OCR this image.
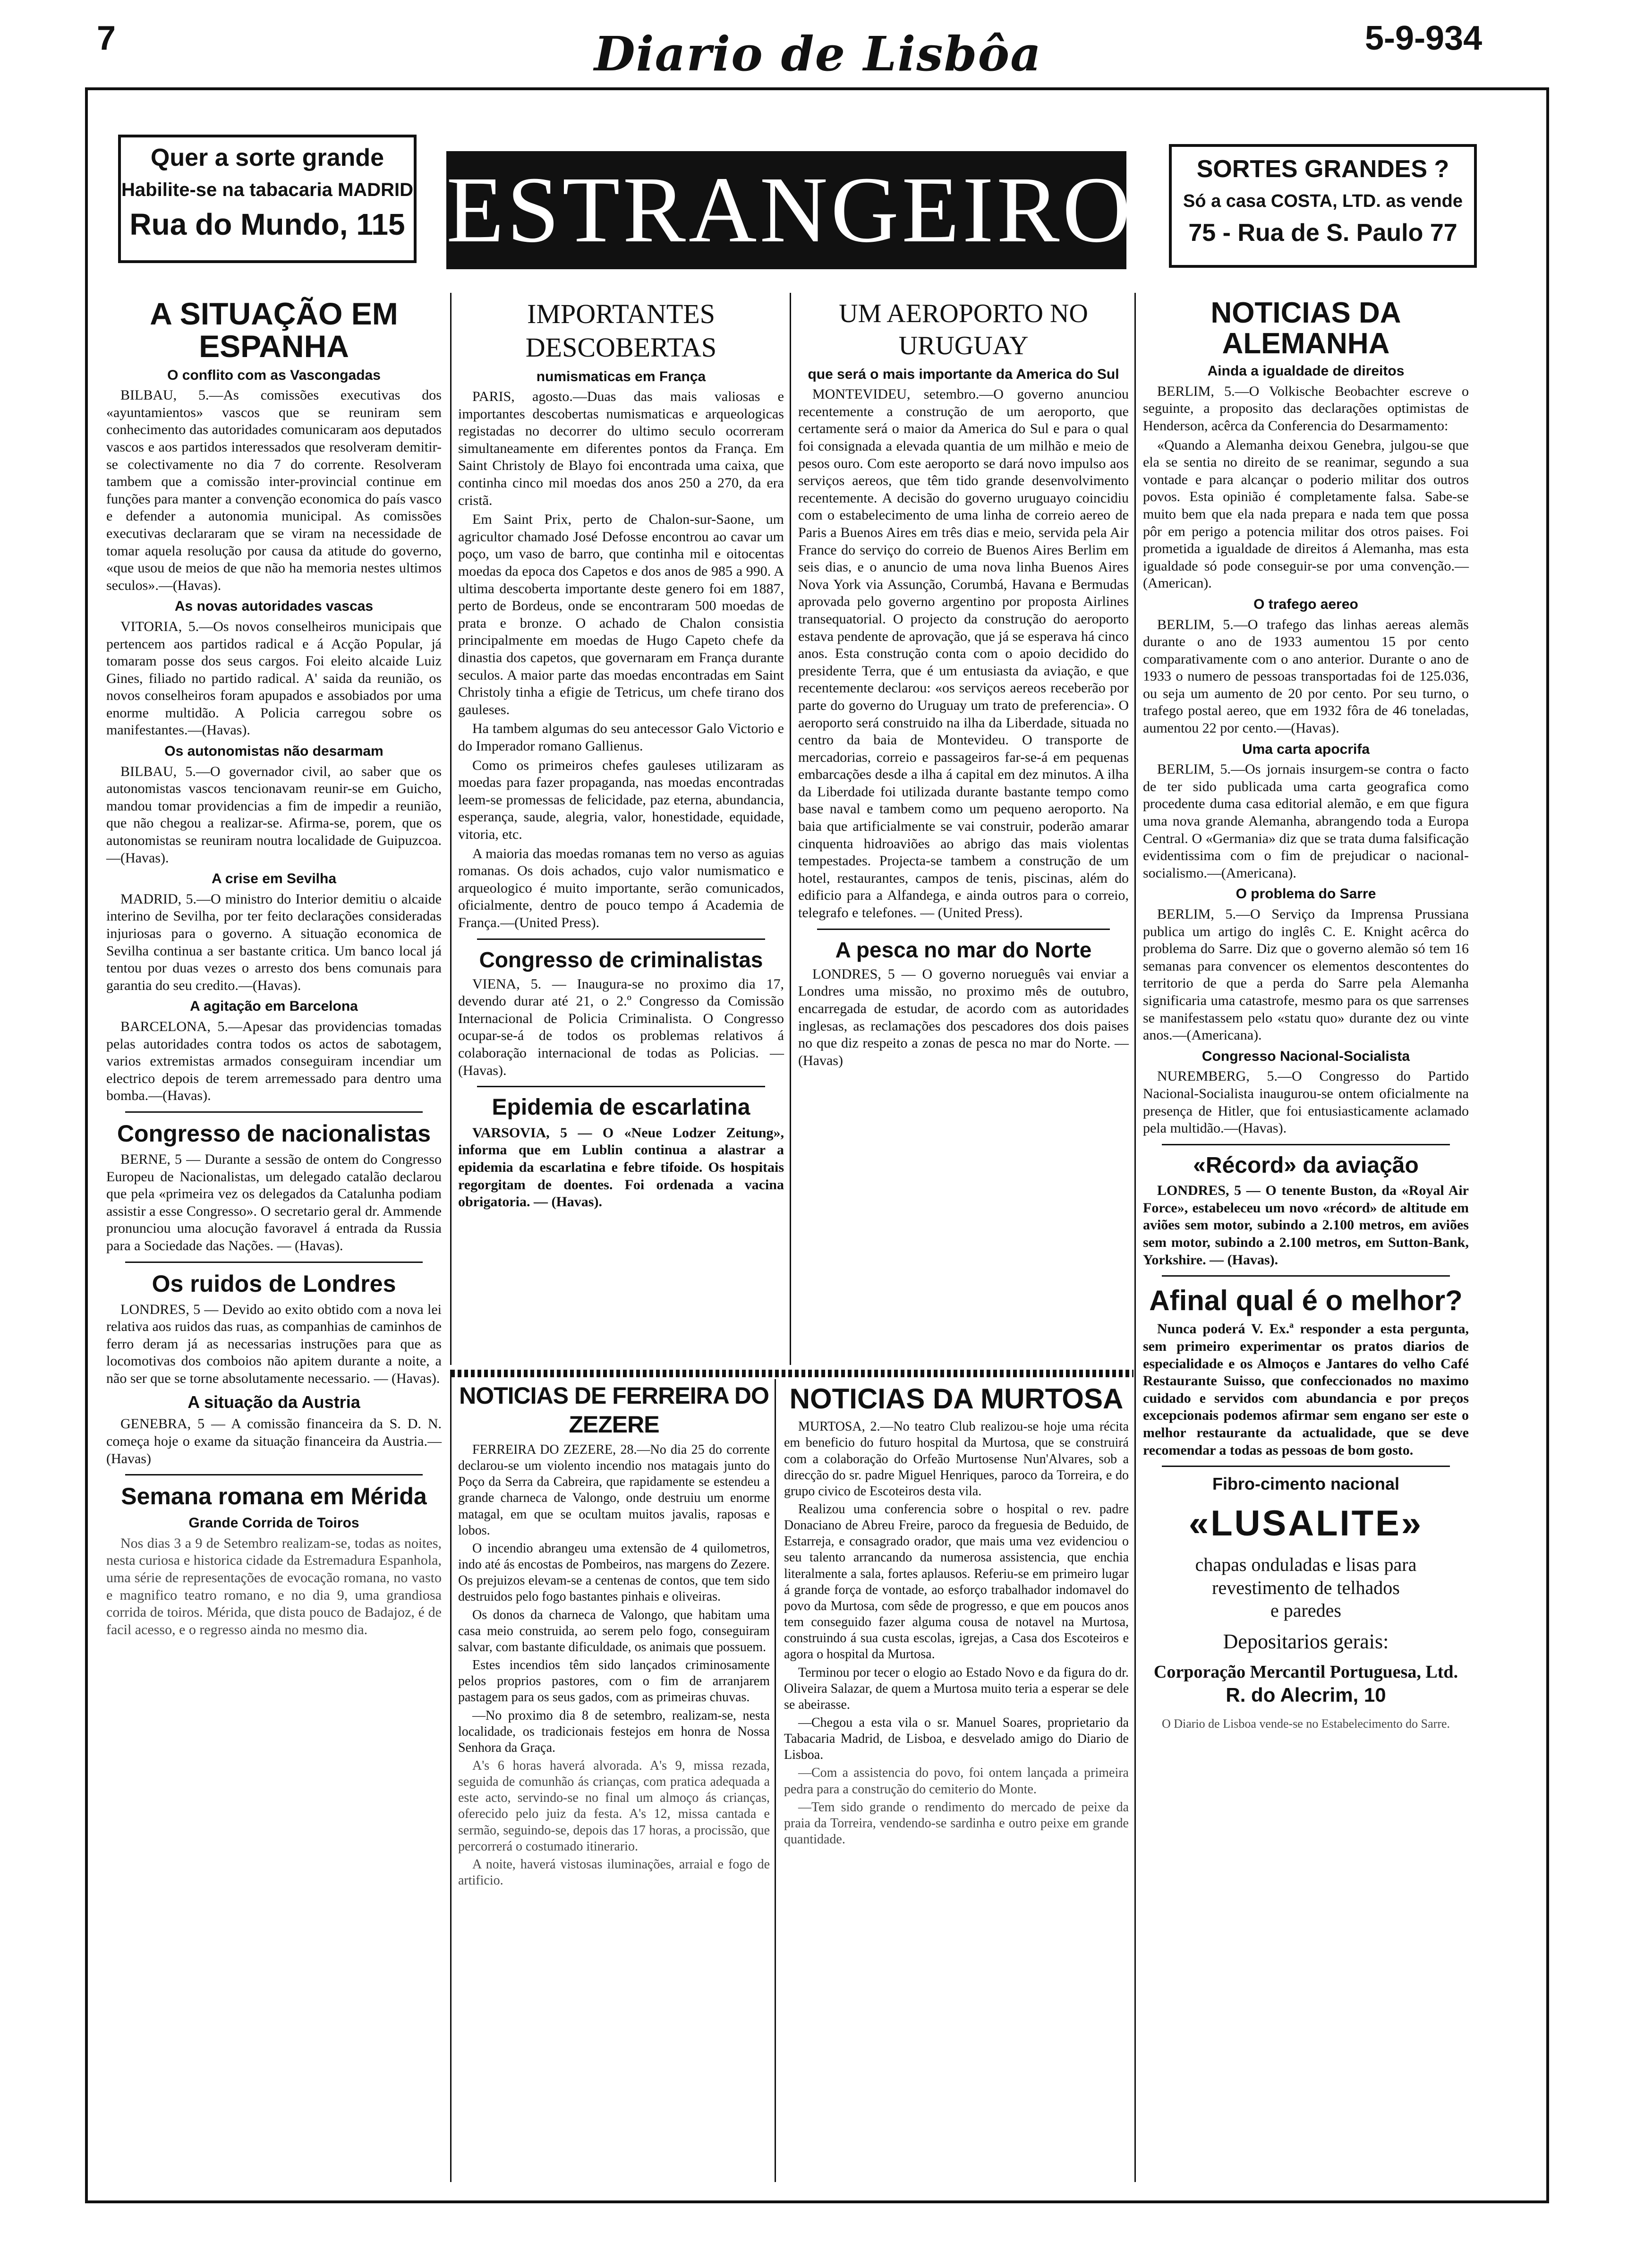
7	Diario de Lisbôa	5-9-934
Quer a sorte grande
Habilite-se na tabacaria MADRID
Rua do Mundo, 115 ESTRANGEIRO	SORTES GRANDES ?
Só a casa COSTA, LTD. as vende
75 - Rua de S. Paulo 77
A SITUAÇÃO EM ESPANHA
O conflito com as Vascongadas

BILBAU, 5.—As comissões executivas dos «ayuntamientos» vascos que se reuniram sem conhecimento das autoridades comunicaram aos deputados vascos e aos partidos interessados que resolveram demitir-se colectivamente no dia 7 do corrente. Resolveram tambem que a comissão inter-provincial continue em funções para manter a convenção economica do país vasco e defender a autonomia municipal. As comissões executivas declararam que se viram na necessidade de tomar aquela resolução por causa da atitude do governo, «que usou de meios de que não ha memoria nestes ultimos seculos».—(Havas).

As novas autoridades vascas

VITORIA, 5.—Os novos conselheiros municipais que pertencem aos partidos radical e á Acção Popular, já tomaram posse dos seus cargos. Foi eleito alcaide Luiz Gines, filiado no partido radical. A' saida da reunião, os novos conselheiros foram apupados e assobiados por uma enorme multidão. A Policia carregou sobre os manifestantes.—(Havas).

Os autonomistas não desarmam

BILBAU, 5.—O governador civil, ao saber que os autonomistas vascos tencionavam reunir-se em Guicho, mandou tomar providencias a fim de impedir a reunião, que não chegou a realizar-se. Afirma-se, porem, que os autonomistas se reuniram noutra localidade de Guipuzcoa.—(Havas).

A crise em Sevilha

MADRID, 5.—O ministro do Interior demitiu o alcaide interino de Sevilha, por ter feito declarações consideradas injuriosas para o governo. A situação economica de Sevilha continua a ser bastante critica. Um banco local já tentou por duas vezes o arresto dos bens comunais para garantia do seu credito.—(Havas).

A agitação em Barcelona

BARCELONA, 5.—Apesar das providencias tomadas pelas autoridades contra todos os actos de sabotagem, varios extremistas armados conseguiram incendiar um electrico depois de terem arremessado para dentro uma bomba.—(Havas).

Congresso de nacionalistas

BERNE, 5 — Durante a sessão de ontem do Congresso Europeu de Nacionalistas, um delegado catalão declarou que pela «primeira vez os delegados da Catalunha podiam assistir a esse Congresso». O secretario geral dr. Ammende pronunciou uma alocução favoravel á entrada da Russia para a Sociedade das Nações. — (Havas).

Os ruidos de Londres

LONDRES, 5 — Devido ao exito obtido com a nova lei relativa aos ruidos das ruas, as companhias de caminhos de ferro deram já as necessarias instruções para que as locomotivas dos comboios não apitem durante a noite, a não ser que se torne absolutamente necessario. — (Havas).

A situação da Austria

GENEBRA, 5 — A comissão financeira da S. D. N. começa hoje o exame da situação financeira da Austria.—(Havas)

Semana romana em Mérida
Grande Corrida de Toiros

Nos dias 3 a 9 de Setembro realizam-se, todas as noites, nesta curiosa e historica cidade da Estremadura Espanhola, uma série de representações de evocação romana, no vasto e magnifico teatro romano, e no dia 9, uma grandiosa corrida de toiros. Mérida, que dista pouco de Badajoz, é de facil acesso, e o regresso ainda no mesmo dia.

IMPORTANTES DESCOBERTAS
numismaticas em França

PARIS, agosto.—Duas das mais valiosas e importantes descobertas numismaticas e arqueologicas registadas no decorrer do ultimo seculo ocorreram simultaneamente em diferentes pontos da França. Em Saint Christoly de Blayo foi encontrada uma caixa, que continha cinco mil moedas dos anos 250 a 270, da era cristã.

Em Saint Prix, perto de Chalon-sur-Saone, um agricultor chamado José Defosse encontrou ao cavar um poço, um vaso de barro, que continha mil e oitocentas moedas da epoca dos Capetos e dos anos de 985 a 990. A ultima descoberta importante deste genero foi em 1887, perto de Bordeus, onde se encontraram 500 moedas de prata e bronze. O achado de Chalon consistia principalmente em moedas de Hugo Capeto chefe da dinastia dos capetos, que governaram em França durante seculos. A maior parte das moedas encontradas em Saint Christoly tinha a efigie de Tetricus, um chefe tirano dos gauleses.

Ha tambem algumas do seu antecessor Galo Victorio e do Imperador romano Gallienus.

Como os primeiros chefes gauleses utilizaram as moedas para fazer propaganda, nas moedas encontradas leem-se promessas de felicidade, paz eterna, abundancia, esperança, saude, alegria, valor, honestidade, equidade, vitoria, etc.

A maioria das moedas romanas tem no verso as aguias romanas. Os dois achados, cujo valor numismatico e arqueologico é muito importante, serão comunicados, oficialmente, dentro de pouco tempo á Academia de França.—(United Press).

Congresso de criminalistas

VIENA, 5. — Inaugura-se no proximo dia 17, devendo durar até 21, o 2.º Congresso da Comissão Internacional de Policia Criminalista. O Congresso ocupar-se-á de todos os problemas relativos á colaboração internacional de todas as Policias. — (Havas).

Epidemia de escarlatina

VARSOVIA, 5 — O «Neue Lodzer Zeitung», informa que em Lublin continua a alastrar a epidemia da escarlatina e febre tifoide. Os hospitais regorgitam de doentes. Foi ordenada a vacina obrigatoria. — (Havas).

UM AEROPORTO NO URUGUAY
que será o mais importante da America do Sul

MONTEVIDEU, setembro.—O governo anunciou recentemente a construção de um aeroporto, que certamente será o maior da America do Sul e para o qual foi consignada a elevada quantia de um milhão e meio de pesos ouro. Com este aeroporto se dará novo impulso aos serviços aereos, que têm tido grande desenvolvimento recentemente. A decisão do governo uruguayo coincidiu com o estabelecimento de uma linha de correio aereo de Paris a Buenos Aires em três dias e meio, servida pela Air France do serviço do correio de Buenos Aires Berlim em seis dias, e o anuncio de uma nova linha Buenos Aires Nova York via Assunção, Corumbá, Havana e Bermudas aprovada pelo governo argentino por proposta Airlines transequatorial. O projecto da construção do aeroporto estava pendente de aprovação, que já se esperava há cinco anos. Esta construção conta com o apoio decidido do presidente Terra, que é um entusiasta da aviação, e que recentemente declarou: «os serviços aereos receberão por parte do governo do Uruguay um trato de preferencia». O aeroporto será construido na ilha da Liberdade, situada no centro da baia de Montevideu. O transporte de mercadorias, correio e passageiros far-se-á em pequenas embarcações desde a ilha á capital em dez minutos. A ilha da Liberdade foi utilizada durante bastante tempo como base naval e tambem como um pequeno aeroporto. Na baia que artificialmente se vai construir, poderão amarar cinquenta hidroaviões ao abrigo das mais violentas tempestades. Projecta-se tambem a construção de um hotel, restaurantes, campos de tenis, piscinas, além do edificio para a Alfandega, e ainda outros para o correio, telegrafo e telefones. — (United Press).

A pesca no mar do Norte

LONDRES, 5 — O governo norueguês vai enviar a Londres uma missão, no proximo mês de outubro, encarregada de estudar, de acordo com as autoridades inglesas, as reclamações dos pescadores dos dois paises no que diz respeito a zonas de pesca no mar do Norte. —(Havas)

NOTICIAS DA ALEMANHA
Ainda a igualdade de direitos

BERLIM, 5.—O Volkische Beobachter escreve o seguinte, a proposito das declarações optimistas de Henderson, acêrca da Conferencia do Desarmamento:

«Quando a Alemanha deixou Genebra, julgou-se que ela se sentia no direito de se reanimar, segundo a sua vontade e para alcançar o poderio militar dos outros povos. Esta opinião é completamente falsa. Sabe-se muito bem que ela nada prepara e nada tem que possa pôr em perigo a potencia militar dos otros paises. Foi prometida a igualdade de direitos á Alemanha, mas esta igualdade só pode conseguir-se por uma convenção.—(American).

O trafego aereo

BERLIM, 5.—O trafego das linhas aereas alemãs durante o ano de 1933 aumentou 15 por cento comparativamente com o ano anterior. Durante o ano de 1933 o numero de pessoas transportadas foi de 125.036, ou seja um aumento de 20 por cento. Por seu turno, o trafego postal aereo, que em 1932 fôra de 46 toneladas, aumentou 22 por cento.—(Havas).

Uma carta apocrifa

BERLIM, 5.—Os jornais insurgem-se contra o facto de ter sido publicada uma carta geografica como procedente duma casa editorial alemão, e em que figura uma nova grande Alemanha, abrangendo toda a Europa Central. O «Germania» diz que se trata duma falsificação evidentissima com o fim de prejudicar o nacional-socialismo.—(Americana).

O problema do Sarre

BERLIM, 5.—O Serviço da Imprensa Prussiana publica um artigo do inglês C. E. Knight acêrca do problema do Sarre. Diz que o governo alemão só tem 16 semanas para convencer os elementos descontentes do territorio de que a perda do Sarre pela Alemanha significaria uma catastrofe, mesmo para os que sarrenses se manifestassem pelo «statu quo» durante dez ou vinte anos.—(Americana).

Congresso Nacional-Socialista

NUREMBERG, 5.—O Congresso do Partido Nacional-Socialista inaugurou-se ontem oficialmente na presença de Hitler, que foi entusiasticamente aclamado pela multidão.—(Havas).

«Récord» da aviação

LONDRES, 5 — O tenente Buston, da «Royal Air Force», estabeleceu um novo «récord» de altitude em aviões sem motor, subindo a 2.100 metros, em aviões sem motor, subindo a 2.100 metros, em Sutton-Bank, Yorkshire. — (Havas).

Afinal qual é o melhor?

Nunca poderá V. Ex.ª responder a esta pergunta, sem primeiro experimentar os pratos diarios de especialidade e os Almoços e Jantares do velho Café Restaurante Suisso, que confeccionados no maximo cuidado e servidos com abundancia e por preços excepcionais podemos afirmar sem engano ser este o melhor restaurante da actualidade, que se deve recomendar a todas as pessoas de bom gosto.

Fibro-cimento nacional
«LUSALITE»
chapas onduladas e lisas para
revestimento de telhados
e paredes
Depositarios gerais:
Corporação Mercantil Portuguesa, Ltd.
R. do Alecrim, 10
O Diario de Lisboa vende-se no Estabelecimento do Sarre.
NOTICIAS DE FERREIRA DO ZEZERE

FERREIRA DO ZEZERE, 28.—No dia 25 do corrente declarou-se um violento incendio nos matagais junto do Poço da Serra da Cabreira, que rapidamente se estendeu a grande charneca de Valongo, onde destruiu um enorme matagal, em que se ocultam muitos javalis, raposas e lobos.

O incendio abrangeu uma extensão de 4 quilometros, indo até ás encostas de Pombeiros, nas margens do Zezere. Os prejuizos elevam-se a centenas de contos, que tem sido destruidos pelo fogo bastantes pinhais e oliveiras.

Os donos da charneca de Valongo, que habitam uma casa meio construida, ao serem pelo fogo, conseguiram salvar, com bastante dificuldade, os animais que possuem.

Estes incendios têm sido lançados criminosamente pelos proprios pastores, com o fim de arranjarem pastagem para os seus gados, com as primeiras chuvas.

—No proximo dia 8 de setembro, realizam-se, nesta localidade, os tradicionais festejos em honra de Nossa Senhora da Graça.

A's 6 horas haverá alvorada. A's 9, missa rezada, seguida de comunhão ás crianças, com pratica adequada a este acto, servindo-se no final um almoço ás crianças, oferecido pelo juiz da festa. A's 12, missa cantada e sermão, seguindo-se, depois das 17 horas, a procissão, que percorrerá o costumado itinerario.

A noite, haverá vistosas iluminações, arraial e fogo de artificio.

NOTICIAS DA MURTOSA

MURTOSA, 2.—No teatro Club realizou-se hoje uma récita em beneficio do futuro hospital da Murtosa, que se construirá com a colaboração do Orfeão Murtosense Nun'Alvares, sob a direcção do sr. padre Miguel Henriques, paroco da Torreira, e do grupo civico de Escoteiros desta vila.

Realizou uma conferencia sobre o hospital o rev. padre Donaciano de Abreu Freire, paroco da freguesia de Beduido, de Estarreja, e consagrado orador, que mais uma vez evidenciou o seu talento arrancando da numerosa assistencia, que enchia literalmente a sala, fortes aplausos. Referiu-se em primeiro lugar á grande força de vontade, ao esforço trabalhador indomavel do povo da Murtosa, com sêde de progresso, e que em poucos anos tem conseguido fazer alguma cousa de notavel na Murtosa, construindo á sua custa escolas, igrejas, a Casa dos Escoteiros e agora o hospital da Murtosa.

Terminou por tecer o elogio ao Estado Novo e da figura do dr. Oliveira Salazar, de quem a Murtosa muito teria a esperar se dele se abeirasse.

—Chegou a esta vila o sr. Manuel Soares, proprietario da Tabacaria Madrid, de Lisboa, e desvelado amigo do Diario de Lisboa.

—Com a assistencia do povo, foi ontem lançada a primeira pedra para a construção do cemiterio do Monte.

—Tem sido grande o rendimento do mercado de peixe da praia da Torreira, vendendo-se sardinha e outro peixe em grande quantidade.
